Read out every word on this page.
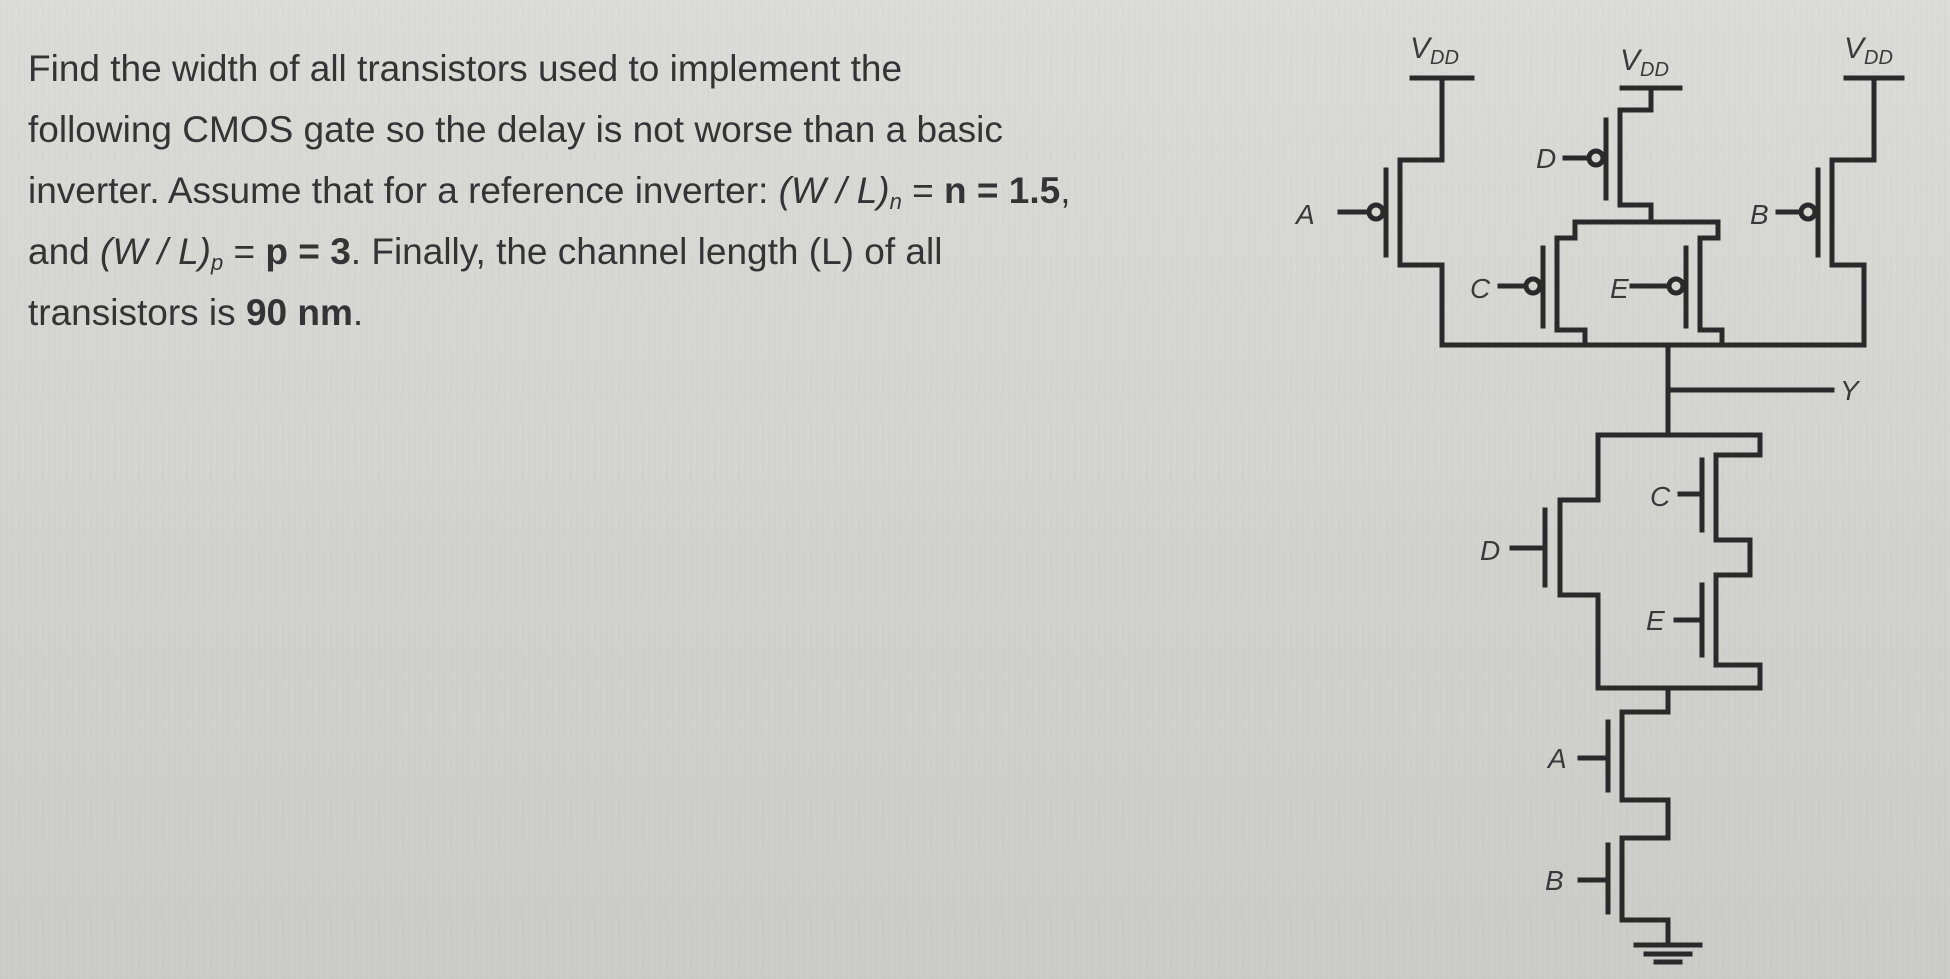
Find the width of all transistors used to implement the
following CMOS gate so the delay is not worse than a basic
inverter. Assume that for a reference inverter: $(W / L)_n = n = 1.5$,
and $(W / L)_p = p = 3$. Finally, the channel length (L) of all
transistors is 90 nm.
$V_{DD}$	$V_{DD}$
$V_{DD}$
A
D
C	E
B
Y
C
E
D
A
B
